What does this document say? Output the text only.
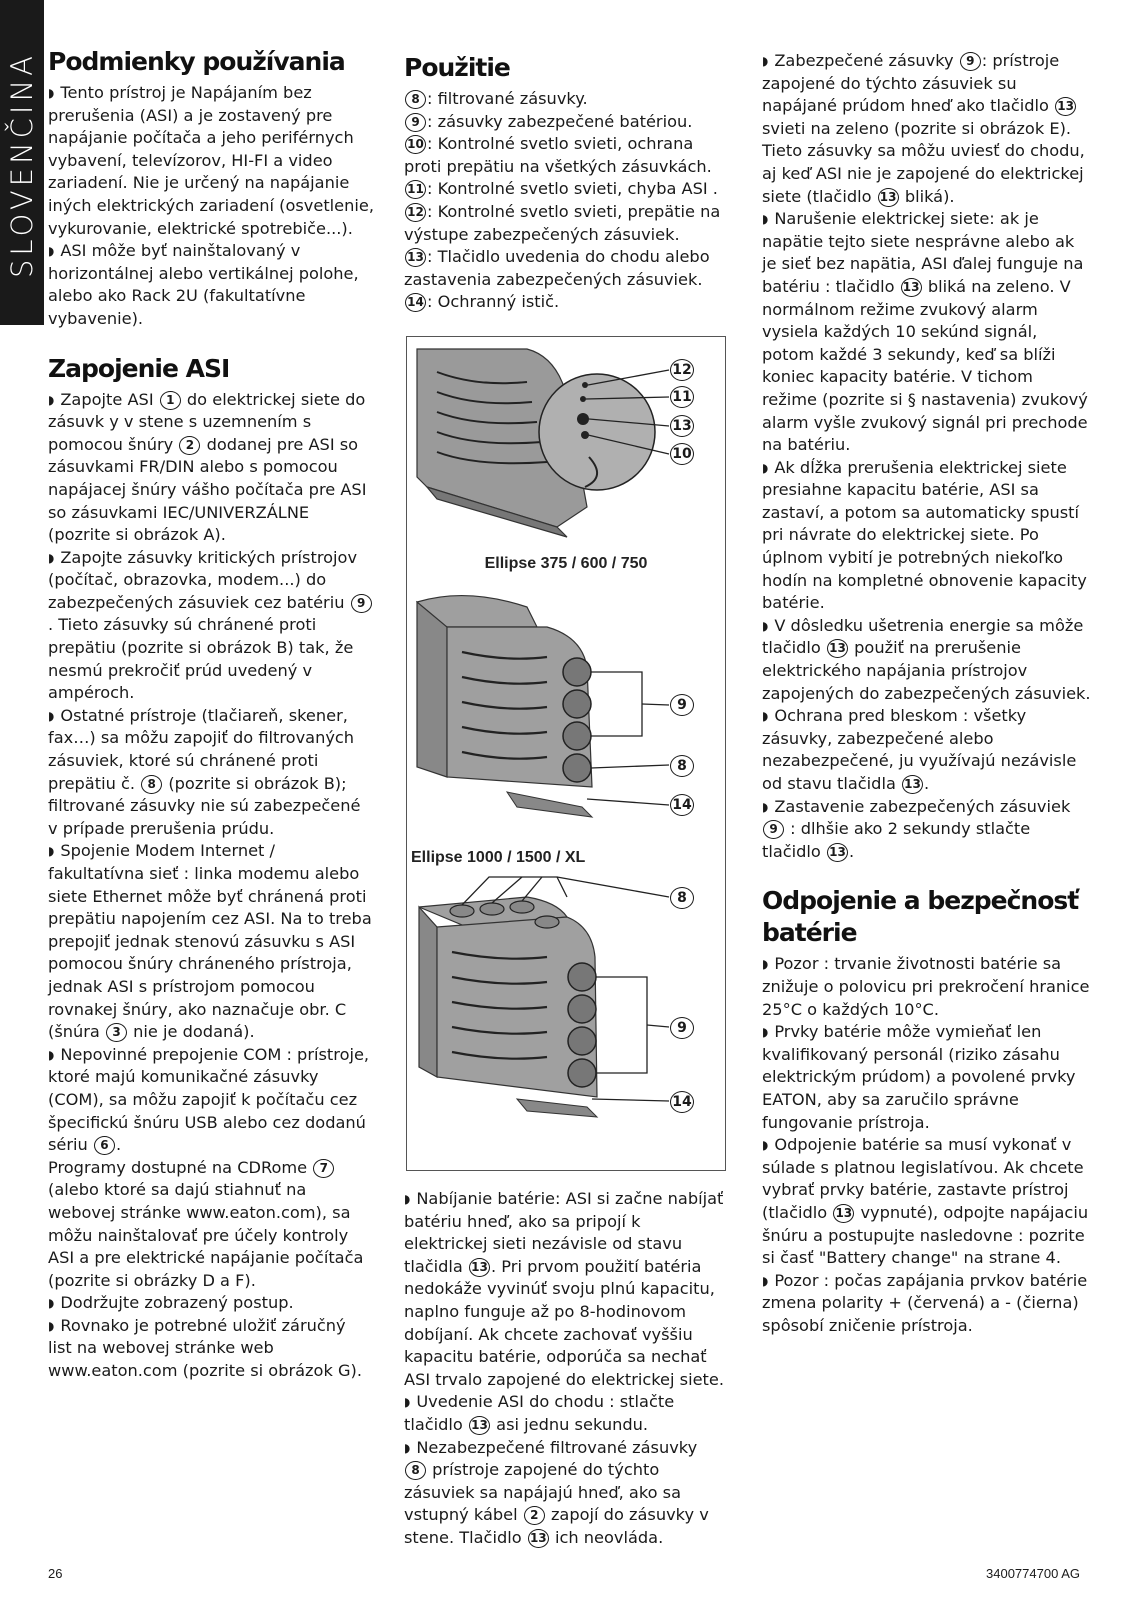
SLOVENČINA Podmienky používania

◗ Tento prístroj je Napájaním bez prerušenia (ASI) a je zostavený pre napájanie počítača a jeho periférnych vybavení, televízorov, HI-FI a video zariadení. Nie je určený na napájanie iných elektrických zariadení (osvetlenie, vykurovanie, elektrické spotrebiče...).

◗ ASI môže byť nainštalovaný v horizontálnej alebo vertikálnej polohe, alebo ako Rack 2U (fakultatívne vybavenie).

Zapojenie ASI

◗ Zapojte ASI 1 do elektrickej siete do zásuvk y v stene s uzemnením s pomocou šnúry 2 dodanej pre ASI so zásuvkami FR/DIN alebo s pomocou napájacej šnúry vášho počítača pre ASI so zásuvkami IEC/UNIVERZÁLNE (pozrite si obrázok A).

◗ Zapojte zásuvky kritických prístrojov (počítač, obrazovka, modem...) do zabezpečených zásuviek cez batériu 9. Tieto zásuvky sú chránené proti prepätiu (pozrite si obrázok B) tak, že nesmú prekročiť prúd uvedený v ampéroch.

◗ Ostatné prístroje (tlačiareň, skener, fax…) sa môžu zapojiť do filtrovaných zásuviek, ktoré sú chránené proti prepätiu č. 8 (pozrite si obrázok B); filtrované zásuvky nie sú zabezpečené v prípade prerušenia prúdu.

◗ Spojenie Modem Internet / fakultatívna sieť : linka modemu alebo siete Ethernet môže byť chránená proti prepätiu napojením cez ASI. Na to treba prepojiť jednak stenovú zásuvku s ASI pomocou šnúry chráneného prístroja, jednak ASI s prístrojom pomocou rovnakej šnúry, ako naznačuje obr. C (šnúra 3 nie je dodaná).

◗ Nepovinné prepojenie COM : prístroje, ktoré majú komunikačné zásuvky (COM), sa môžu zapojiť k počítaču cez špecifickú šnúru USB alebo cez dodanú sériu 6 .

Programy dostupné na CDRome 7 (alebo ktoré sa dajú stiahnuť na webovej stránke www.eaton.com), sa môžu nainštalovať pre účely kontroly ASI a pre elektrické napájanie počítača (pozrite si obrázky D a F).

◗ Dodržujte zobrazený postup.

◗ Rovnako je potrebné uložiť záručný list na webovej stránke web www.eaton.com (pozrite si obrázok G).

Použitie

8 : filtrované zásuvky.

9 : zásuvky zabezpečené batériou.

10 : Kontrolné svetlo svieti, ochrana proti prepätiu na všetkých zásuvkách.

11 : Kontrolné svetlo svieti, chyba ASI .

12 : Kontrolné svetlo svieti, prepätie na výstupe zabezpečených zásuviek.

13 : Tlačidlo uvedenia do chodu alebo zastavenia zabezpečených zásuviek.

14 : Ochranný istič.

12
11
13
10
Ellipse 375 / 600 / 750
9
8
14
Ellipse 1000 / 1500 / XL
8
9
14

◗ Nabíjanie batérie: ASI si začne nabíjať batériu hneď, ako sa pripojí k elektrickej sieti nezávisle od stavu tlačidla 13 . Pri prvom použití batéria nedokáže vyvinúť svoju plnú kapacitu, naplno funguje až po 8-hodinovom dobíjaní. Ak chcete zachovať vyššiu kapacitu batérie, odporúča sa nechať ASI trvalo zapojené do elektrickej siete.

◗ Uvedenie ASI do chodu : stlačte tlačidlo 13 asi jednu sekundu.

◗ Nezabezpečené filtrované zásuvky 8 prístroje zapojené do týchto zásuviek sa napájajú hneď, ako sa vstupný kábel 2 zapojí do zásuvky v stene. Tlačidlo 13 ich neovláda.

◗ Zabezpečené zásuvky 9 : prístroje zapojené do týchto zásuviek su napájané prúdom hneď ako tlačidlo 13 svieti na zeleno (pozrite si obrázok E). Tieto zásuvky sa môžu uviesť do chodu, aj keď ASI nie je zapojené do elektrickej siete (tlačidlo 13 bliká).

◗ Narušenie elektrickej siete: ak je napätie tejto siete nesprávne alebo ak je sieť bez napätia, ASI ďalej funguje na batériu : tlačidlo 13 bliká na zeleno. V normálnom režime zvukový alarm vysiela každých 10 sekúnd signál, potom každé 3 sekundy, keď sa blíži koniec kapacity batérie. V tichom režime (pozrite si § nastavenia) zvukový alarm vyšle zvukový signál pri prechode na batériu.

◗ Ak dĺžka prerušenia elektrickej siete presiahne kapacitu batérie, ASI sa zastaví, a potom sa automaticky spustí pri návrate do elektrickej siete. Po úplnom vybití je potrebných niekoľko hodín na kompletné obnovenie kapacity batérie.

◗ V dôsledku ušetrenia energie sa môže tlačidlo 13 použiť na prerušenie elektrického napájania prístrojov zapojených do zabezpečených zásuviek.

◗ Ochrana pred bleskom : všetky zásuvky, zabezpečené alebo nezabezpečené, ju využívajú nezávisle od stavu tlačidla 13 .

◗ Zastavenie zabezpečených zásuviek 9 : dlhšie ako 2 sekundy stlačte tlačidlo 13 .

Odpojenie a bezpečnosť batérie

◗ Pozor : trvanie životnosti batérie sa znižuje o polovicu pri prekročení hranice 25°C o každých 10°C.

◗ Prvky batérie môže vymieňať len kvalifikovaný personál (riziko zásahu elektrickým prúdom) a povolené prvky EATON, aby sa zaručilo správne fungovanie prístroja.

◗ Odpojenie batérie sa musí vykonať v súlade s platnou legislatívou. Ak chcete vybrať prvky batérie, zastavte prístroj (tlačidlo 13 vypnuté), odpojte napájaciu šnúru a postupujte nasledovne : pozrite si časť "Battery change" na strane 4.

◗ Pozor : počas zapájania prvkov batérie zmena polarity + (červená) a - (čierna) spôsobí zničenie prístroja.

26	3400774700 AG
